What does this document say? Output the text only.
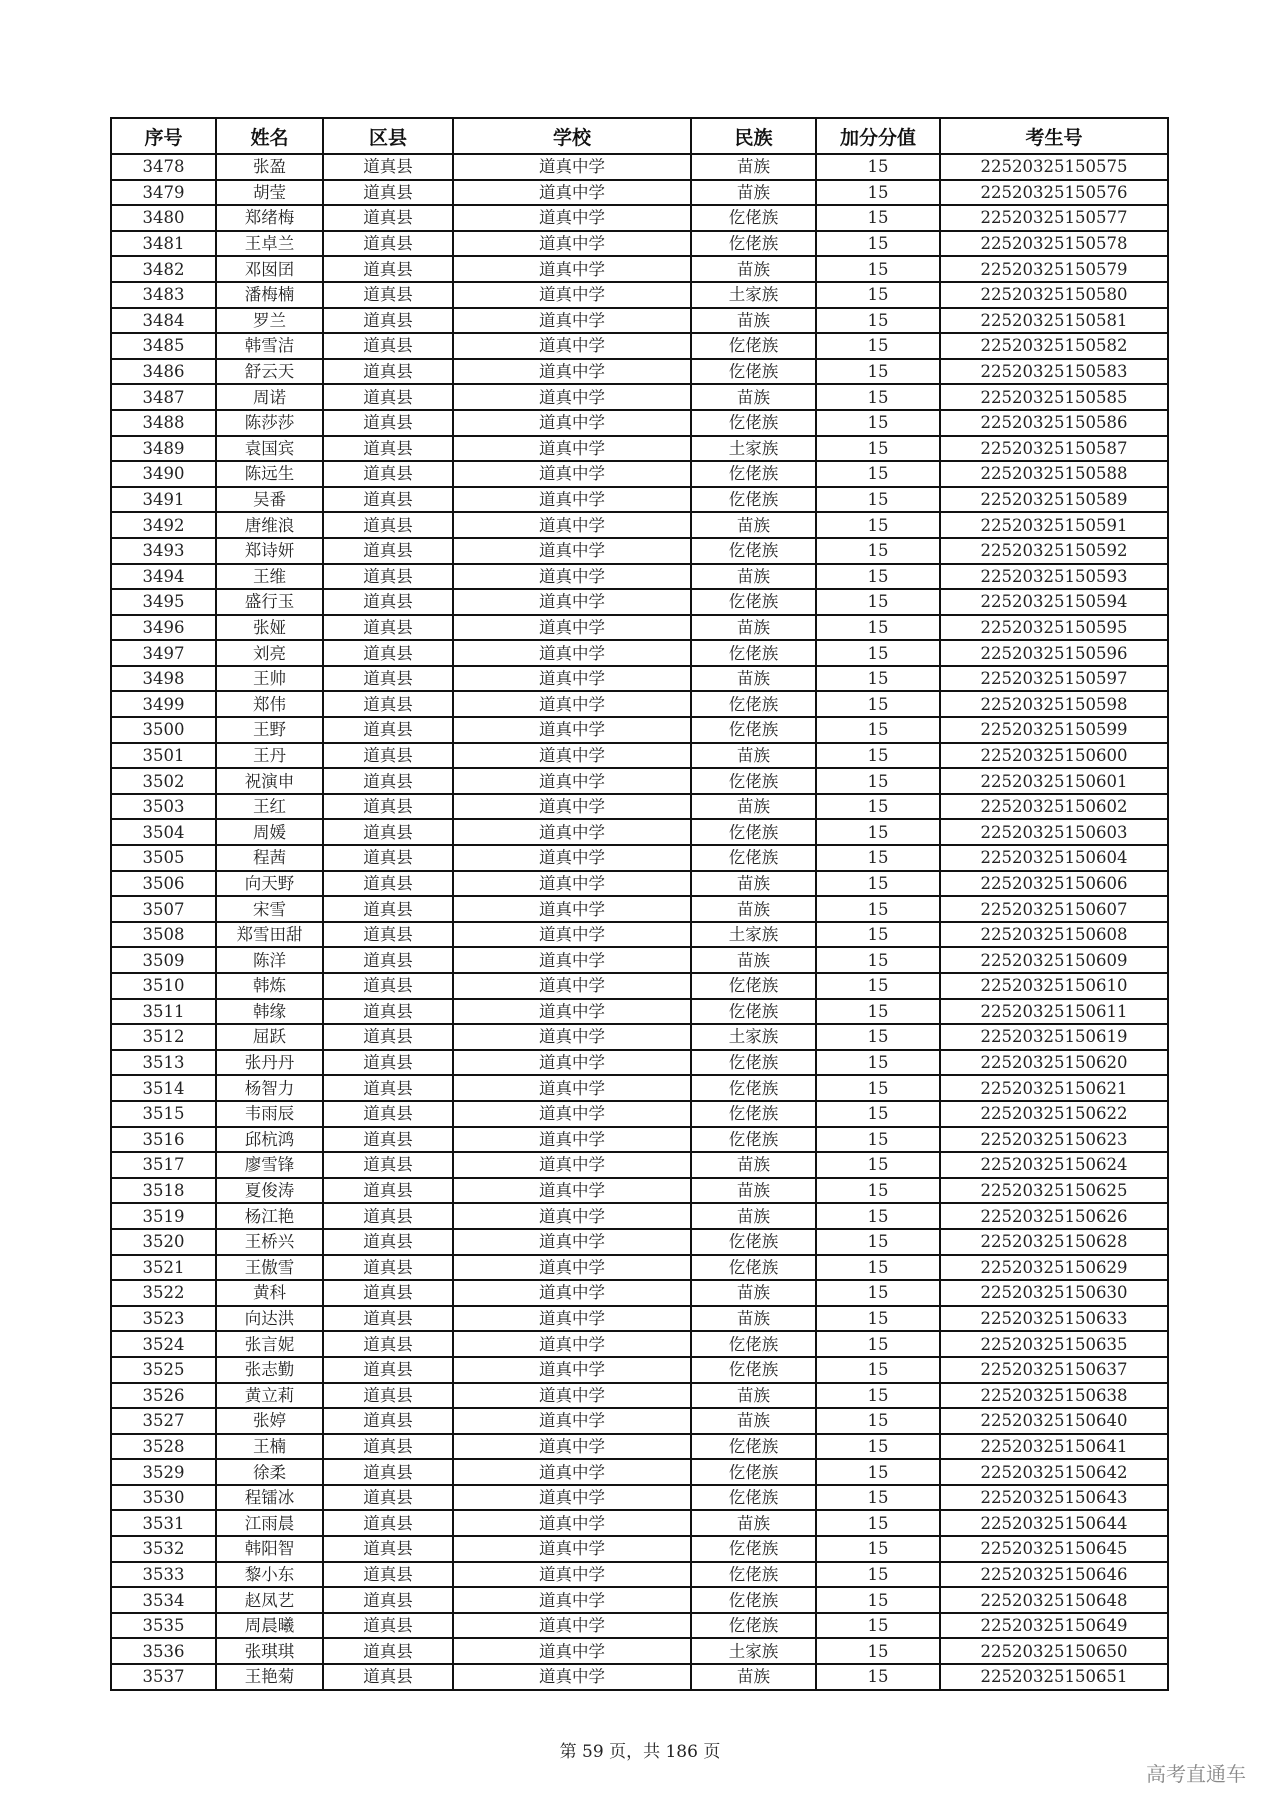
序号	姓名	区县	学校	民族	加分分值	考生号
3478	张盈	道真县	道真中学	苗族	15	22520325150575
3479	胡莹	道真县	道真中学	苗族	15	22520325150576
3480	郑绪梅	道真县	道真中学	仡佬族	15	22520325150577
3481	王卓兰	道真县	道真中学	仡佬族	15	22520325150578
3482	邓囡囝	道真县	道真中学	苗族	15	22520325150579
3483	潘梅楠	道真县	道真中学	土家族	15	22520325150580
3484	罗兰	道真县	道真中学	苗族	15	22520325150581
3485	韩雪洁	道真县	道真中学	仡佬族	15	22520325150582
3486	舒云天	道真县	道真中学	仡佬族	15	22520325150583
3487	周诺	道真县	道真中学	苗族	15	22520325150585
3488	陈莎莎	道真县	道真中学	仡佬族	15	22520325150586
3489	袁国宾	道真县	道真中学	土家族	15	22520325150587
3490	陈远生	道真县	道真中学	仡佬族	15	22520325150588
3491	吴番	道真县	道真中学	仡佬族	15	22520325150589
3492	唐维浪	道真县	道真中学	苗族	15	22520325150591
3493	郑诗妍	道真县	道真中学	仡佬族	15	22520325150592
3494	王维	道真县	道真中学	苗族	15	22520325150593
3495	盛行玉	道真县	道真中学	仡佬族	15	22520325150594
3496	张娅	道真县	道真中学	苗族	15	22520325150595
3497	刘亮	道真县	道真中学	仡佬族	15	22520325150596
3498	王帅	道真县	道真中学	苗族	15	22520325150597
3499	郑伟	道真县	道真中学	仡佬族	15	22520325150598
3500	王野	道真县	道真中学	仡佬族	15	22520325150599
3501	王丹	道真县	道真中学	苗族	15	22520325150600
3502	祝演申	道真县	道真中学	仡佬族	15	22520325150601
3503	王红	道真县	道真中学	苗族	15	22520325150602
3504	周媛	道真县	道真中学	仡佬族	15	22520325150603
3505	程茜	道真县	道真中学	仡佬族	15	22520325150604
3506	向天野	道真县	道真中学	苗族	15	22520325150606
3507	宋雪	道真县	道真中学	苗族	15	22520325150607
3508	郑雪田甜	道真县	道真中学	土家族	15	22520325150608
3509	陈洋	道真县	道真中学	苗族	15	22520325150609
3510	韩炼	道真县	道真中学	仡佬族	15	22520325150610
3511	韩缘	道真县	道真中学	仡佬族	15	22520325150611
3512	屈跃	道真县	道真中学	土家族	15	22520325150619
3513	张丹丹	道真县	道真中学	仡佬族	15	22520325150620
3514	杨智力	道真县	道真中学	仡佬族	15	22520325150621
3515	韦雨辰	道真县	道真中学	仡佬族	15	22520325150622
3516	邱杭鸿	道真县	道真中学	仡佬族	15	22520325150623
3517	廖雪锋	道真县	道真中学	苗族	15	22520325150624
3518	夏俊涛	道真县	道真中学	苗族	15	22520325150625
3519	杨江艳	道真县	道真中学	苗族	15	22520325150626
3520	王桥兴	道真县	道真中学	仡佬族	15	22520325150628
3521	王傲雪	道真县	道真中学	仡佬族	15	22520325150629
3522	黄科	道真县	道真中学	苗族	15	22520325150630
3523	向达洪	道真县	道真中学	苗族	15	22520325150633
3524	张言妮	道真县	道真中学	仡佬族	15	22520325150635
3525	张志勤	道真县	道真中学	仡佬族	15	22520325150637
3526	黄立莉	道真县	道真中学	苗族	15	22520325150638
3527	张婷	道真县	道真中学	苗族	15	22520325150640
3528	王楠	道真县	道真中学	仡佬族	15	22520325150641
3529	徐柔	道真县	道真中学	仡佬族	15	22520325150642
3530	程镭冰	道真县	道真中学	仡佬族	15	22520325150643
3531	江雨晨	道真县	道真中学	苗族	15	22520325150644
3532	韩阳智	道真县	道真中学	仡佬族	15	22520325150645
3533	黎小东	道真县	道真中学	仡佬族	15	22520325150646
3534	赵凤艺	道真县	道真中学	仡佬族	15	22520325150648
3535	周晨曦	道真县	道真中学	仡佬族	15	22520325150649
3536	张琪琪	道真县	道真中学	土家族	15	22520325150650
3537	王艳菊	道真县	道真中学	苗族	15	22520325150651
第 59 页，共 186 页
高考直通车
